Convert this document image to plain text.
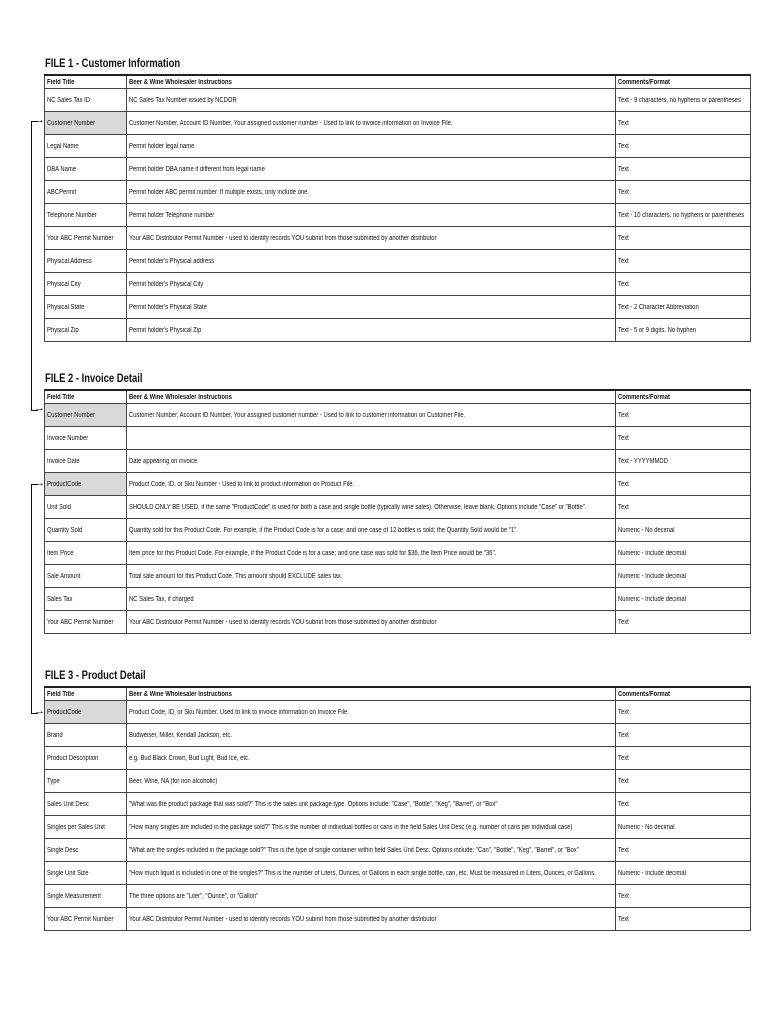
FILE 1 - Customer Information
Field Title	Beer & Wine Wholesaler Instructions	Comments/Format
NC Sales Tax ID	NC Sales Tax Number issued by NCDOR	Text - 9 characters, no hyphens or parentheses
Customer Number	Customer Number, Account ID Number, Your assigned customer number - Used to link to invoice information on Invoice File.	Text
Legal Name	Permit holder legal name	Text
DBA Name	Permit holder DBA name if different from legal name	Text
ABCPermit	Permit holder ABC permit number. If multiple exists, only include one.	Text
Telephone Number	Permit holder Telephone number	Text - 10 characters, no hyphens or parentheses
Your ABC Permit Number	Your ABC Distributor Permit Number - used to identify records YOU submit from those submitted by another distributor	Text
Physical Address	Permit holder's Physical address	Text
Physical City	Permit holder's Physical City	Text
Physical State	Permit holder's Physical State	Text - 2 Character Abbreviation
Physical Zip	Permit holder's Physical Zip	Text - 5 or 9 digits. No hyphen
FILE 2 - Invoice Detail
Field Title	Beer & Wine Wholesaler Instructions	Comments/Format
Customer Number	Customer Number, Account ID Number, Your assigned customer number - Used to link to customer information on Customer File.	Text
Invoice Number		Text
Invoice Date	Date appearing on invoice	Text - YYYYMMDD
ProductCode	Product Code, ID, or Sku Number - Used to link to product information on Product File.	Text
Unit Sold	SHOULD ONLY BE USED, if the same "ProductCode" is used for both a case and single bottle (typically wine sales). Otherwise, leave blank. Options include "Case" or "Bottle".	Text
Quantity Sold	Quantity sold for this Product Code. For example, if the Product Code is for a case; and one case of 12 bottles is sold; the Quantity Sold would be "1".	Numeric - No decimal
Item Price	Item price for this Product Code. For example, if the Product Code is for a case; and one case was sold for $36, the Item Price would be "36".	Numeric - Include decimal
Sale Amount	Total sale amount for this Product Code. This amount should EXCLUDE sales tax.	Numeric - Include decimal
Sales Tax	NC Sales Tax, if charged	Numeric - Include decimal
Your ABC Permit Number	Your ABC Distributor Permit Number - used to identify records YOU submit from those submitted by another distributor	Text
FILE 3 - Product Detail
Field Title	Beer & Wine Wholesaler Instructions	Comments/Format
ProductCode	Product Code, ID, or Sku Number. Used to link to invoice information on Invoice File.	Text
Brand	Budweiser, Miller, Kendall Jackson, etc.	Text
Product Description	e.g. Bud Black Crown, Bud Light, Bud Ice, etc.	Text
Type	Beer, Wine, NA (for non alcoholic)	Text
Sales Unit Desc	"What was the product package that was sold?" This is the sales unit package type. Options include: "Case", "Bottle", "Keg", "Barrel", or "Box"	Text
Singles per Sales Unit	"How many singles are included in the package sold?" This is the number of individual bottles or cans in the field Sales Unit Desc (e.g. number of cans per individual case)	Numeric - No decimal
Single Desc	"What are the singles included in the package sold?" This is the type of single container within field Sales Unit Desc. Options include: "Can", "Bottle", "Keg", "Barrel", or "Box"	Text
Single Unit Size	"How much liquid is included in one of the singles?" This is the number of Liters, Ounces, or Gallons in each single bottle, can, etc. Must be measured in Liters, Ounces, or Gallons.	Numeric - Include decimal
Single Measurement	The three options are "Liter", "Ounce", or "Gallon"	Text
Your ABC Permit Number	Your ABC Distributor Permit Number - used to identify records YOU submit from those submitted by another distributor	Text
→
→
→
→
